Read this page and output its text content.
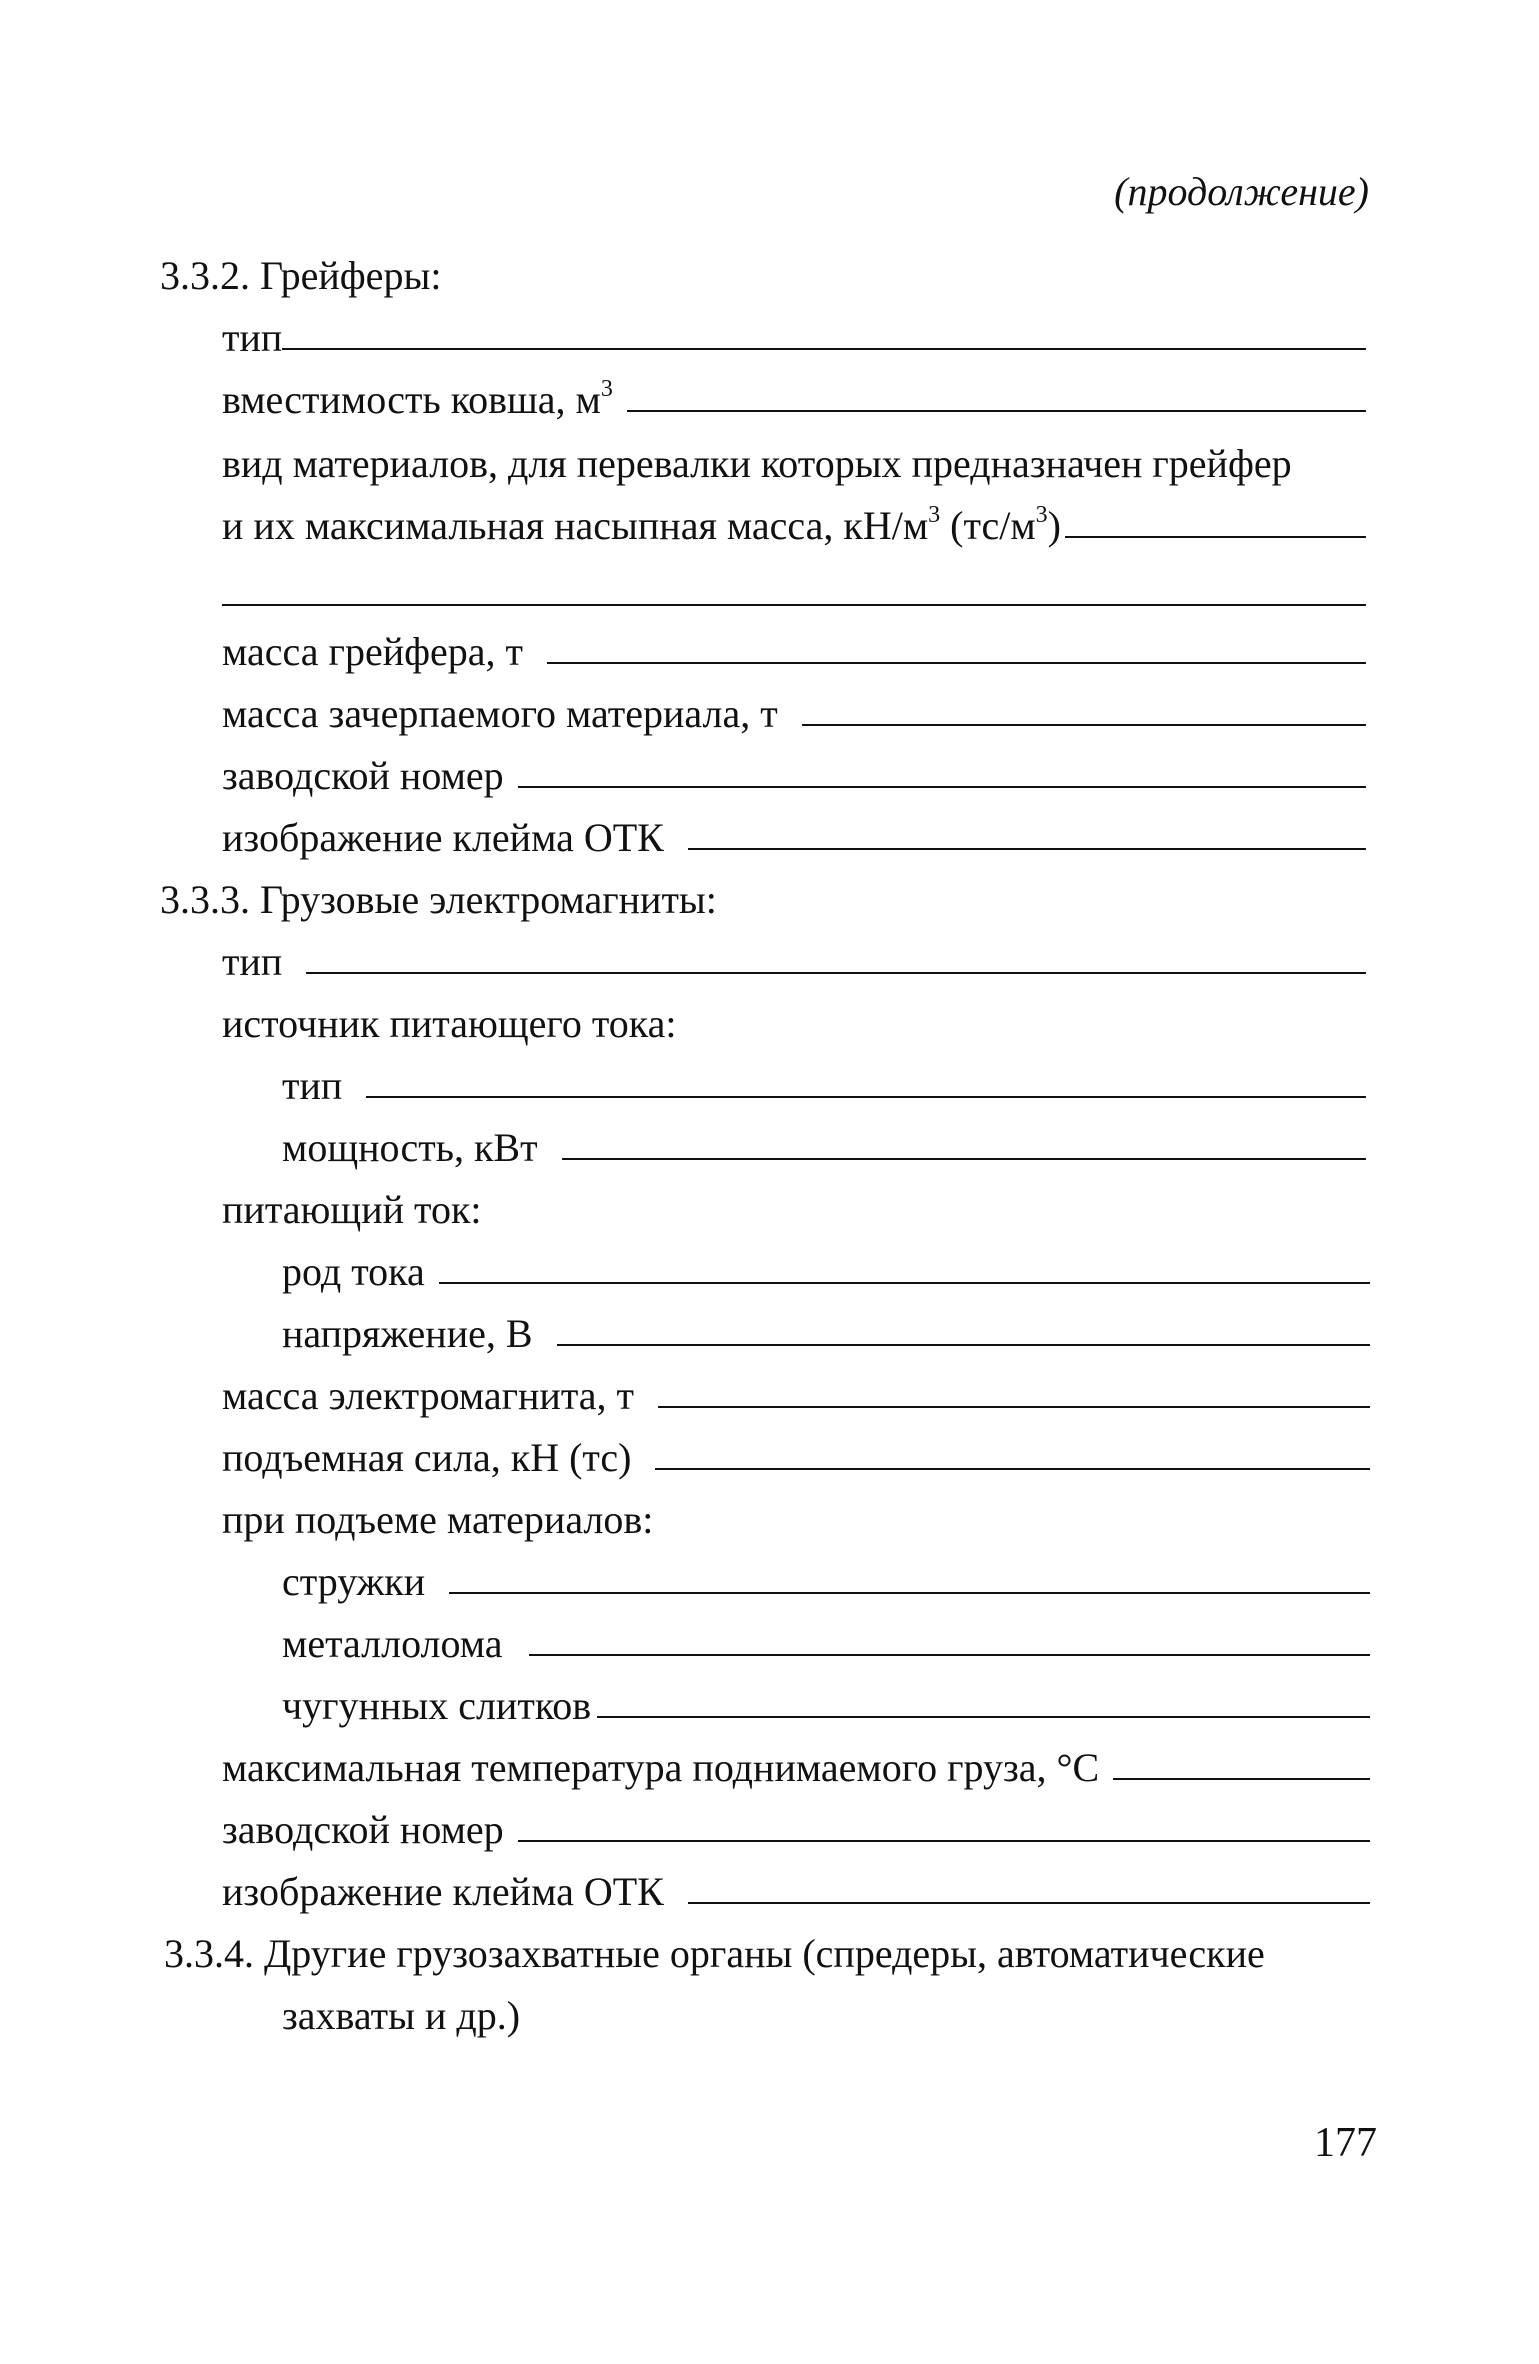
(продолжение)
3.3.2. Грейферы:
тип
вместимость ковша, $м^3$
вид материалов, для перевалки которых предназначен грейфер
и их максимальная насыпная масса, $кН/м^3$ $(тс/м^3)$
масса грейфера, т
масса зачерпаемого материала, т
заводской номер
изображение клейма ОТК
3.3.3. Грузовые электромагниты:
тип
источник питающего тока:
тип
мощность, кВт
питающий ток:
род тока
напряжение, В
масса электромагнита, т
подъемная сила, кН (тс)
при подъеме материалов:
стружки
металлолома
чугунных слитков
максимальная температура поднимаемого груза, °С
заводской номер
изображение клейма ОТК
3.3.4. Другие грузозахватные органы (спредеры, автоматические
захваты и др.)
177
